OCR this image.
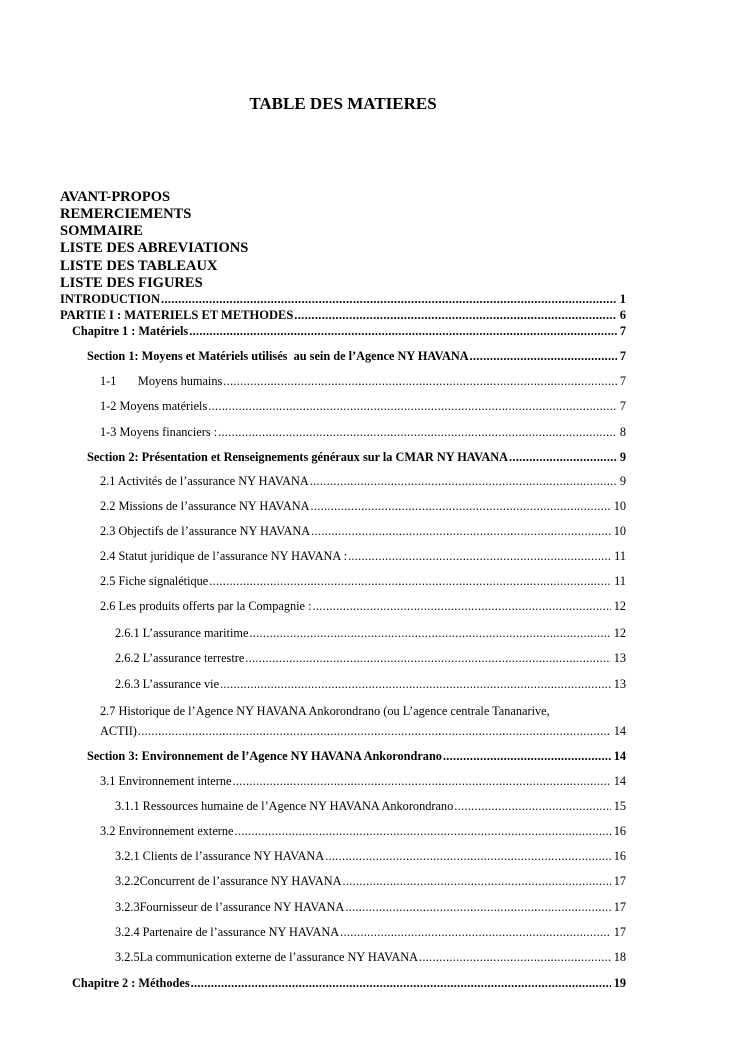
TABLE DES MATIERES
AVANT-PROPOS
REMERCIEMENTS
SOMMAIRE
LISTE DES ABREVIATIONS
LISTE DES TABLEAUX
LISTE DES FIGURES
INTRODUCTION .....	1
PARTIE I : MATERIELS ET METHODES .....	6
Chapitre 1 : Matériels .....	7
Section 1: Moyens et Matériels utilisés  au sein de l’Agence NY HAVANA .....	7
1-1       Moyens humains .....	7
1-2 Moyens matériels .....	7
1-3 Moyens financiers : .....	8
Section 2: Présentation et Renseignements généraux sur la CMAR NY HAVANA .....	9
2.1 Activités de l’assurance NY HAVANA .....	9
2.2 Missions de l’assurance NY HAVANA .....	10
2.3 Objectifs de l’assurance NY HAVANA .....	10
2.4 Statut juridique de l’assurance NY HAVANA : .....	11
2.5 Fiche signalétique .....	11
2.6 Les produits offerts par la Compagnie : .....	12
2.6.1 L’assurance maritime .....	12
2.6.2 L’assurance terrestre .....	13
2.6.3 L’assurance vie .....	13
2.7 Historique de l’Agence NY HAVANA Ankorondrano (ou L’agence centrale Tananarive,
ACTII) .....	14
Section 3: Environnement de l’Agence NY HAVANA Ankorondrano .....	14
3.1 Environnement interne .....	14
3.1.1 Ressources humaine de l’Agence NY HAVANA Ankorondrano .....	15
3.2 Environnement externe .....	16
3.2.1 Clients de l’assurance NY HAVANA .....	16
3.2.2Concurrent de l’assurance NY HAVANA .....	17
3.2.3Fournisseur de l’assurance NY HAVANA .....	17
3.2.4 Partenaire de l’assurance NY HAVANA .....	17
3.2.5La communication externe de l’assurance NY HAVANA .....	18
Chapitre 2 : Méthodes .....	19
